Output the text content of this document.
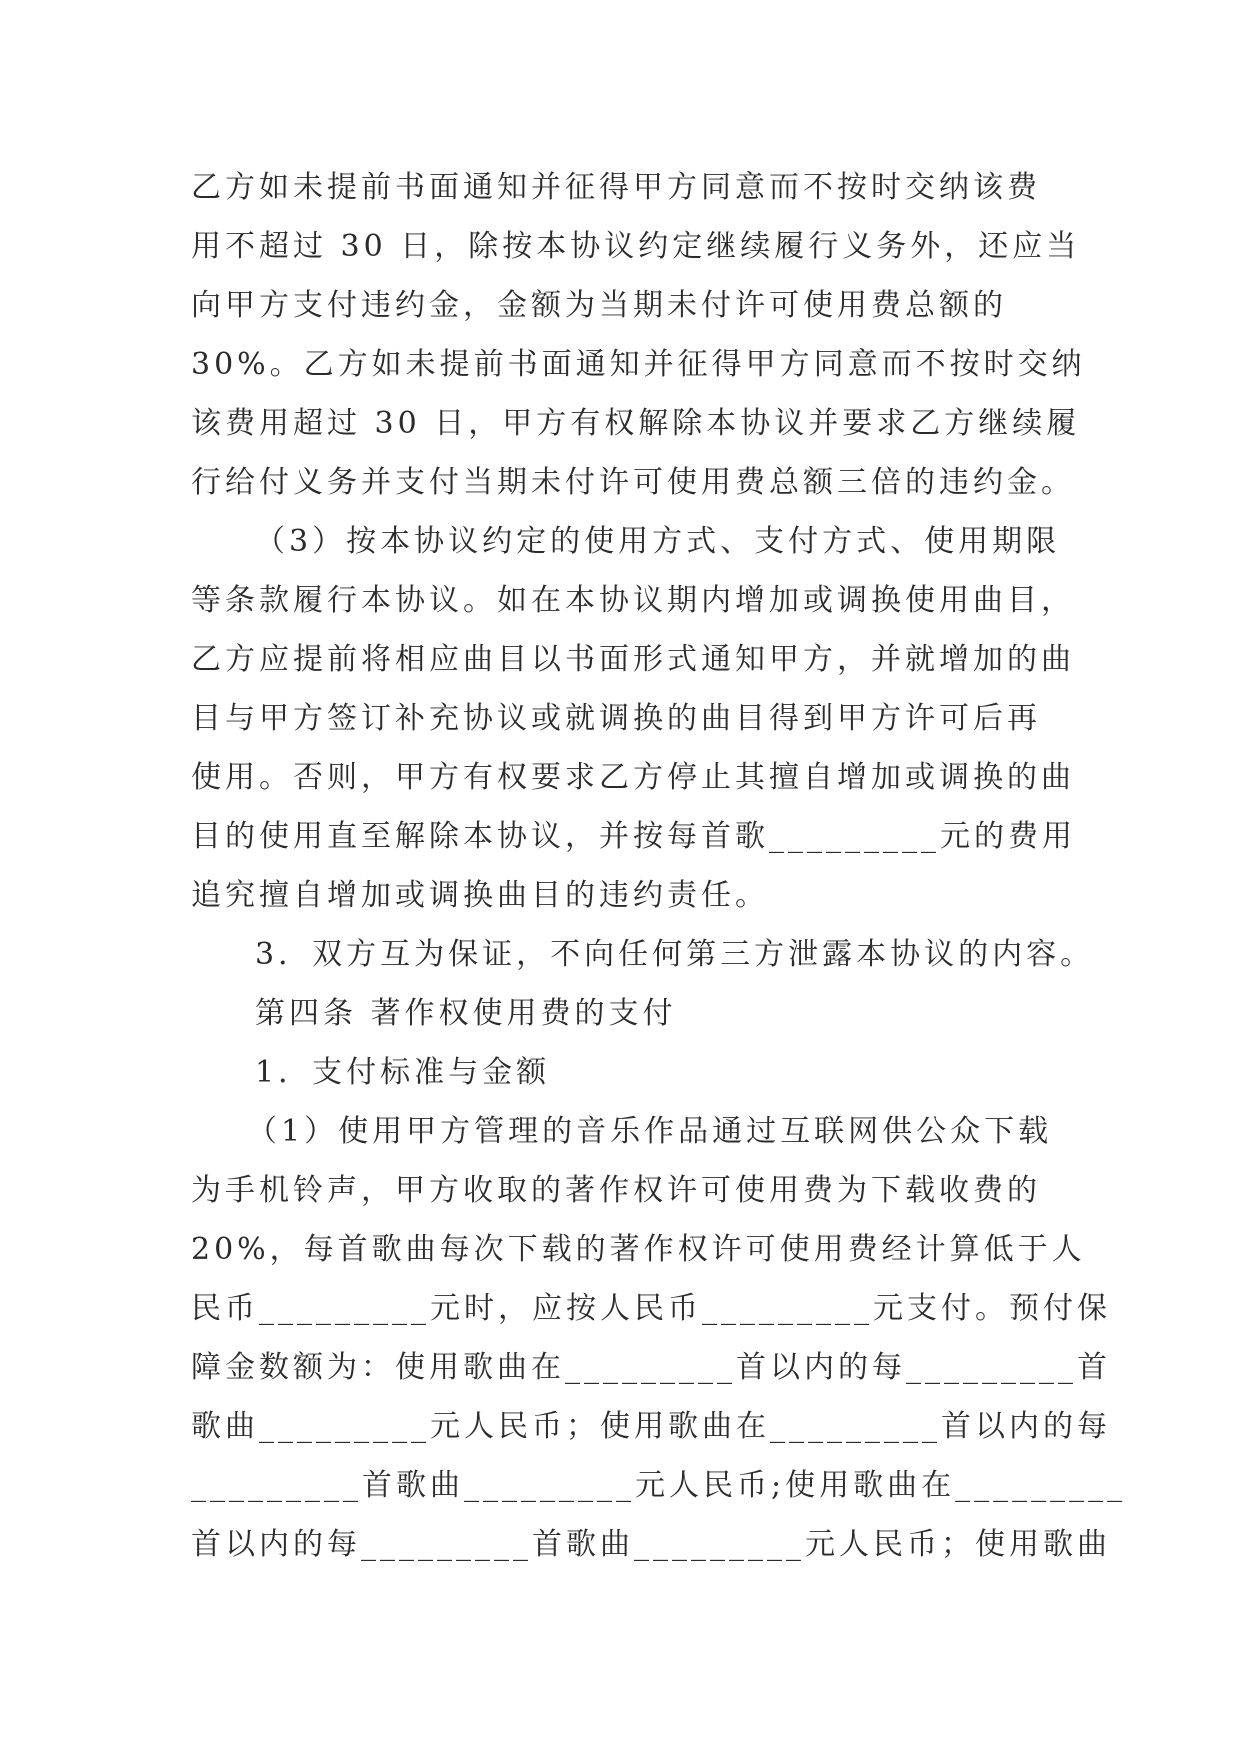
乙方如未提前书面通知并征得甲方同意而不按时交纳该费
用不超过 30 日，除按本协议约定继续履行义务外，还应当
向甲方支付违约金，金额为当期未付许可使用费总额的
30%。乙方如未提前书面通知并征得甲方同意而不按时交纳
该费用超过 30 日，甲方有权解除本协议并要求乙方继续履
行给付义务并支付当期未付许可使用费总额三倍的违约金。
（3）按本协议约定的使用方式、支付方式、使用期限
等条款履行本协议。如在本协议期内增加或调换使用曲目，
乙方应提前将相应曲目以书面形式通知甲方，并就增加的曲
目与甲方签订补充协议或就调换的曲目得到甲方许可后再
使用。否则，甲方有权要求乙方停止其擅自增加或调换的曲
目的使用直至解除本协议，并按每首歌_________元的费用
追究擅自增加或调换曲目的违约责任。
3．双方互为保证，不向任何第三方泄露本协议的内容。
第四条 著作权使用费的支付
1．支付标准与金额
（1）使用甲方管理的音乐作品通过互联网供公众下载
为手机铃声，甲方收取的著作权许可使用费为下载收费的
20%，每首歌曲每次下载的著作权许可使用费经计算低于人
民币_________元时，应按人民币_________元支付。预付保
障金数额为：使用歌曲在_________首以内的每_________首
歌曲_________元人民币；使用歌曲在_________首以内的每
_________首歌曲_________元人民币;使用歌曲在_________
首以内的每_________首歌曲_________元人民币；使用歌曲
